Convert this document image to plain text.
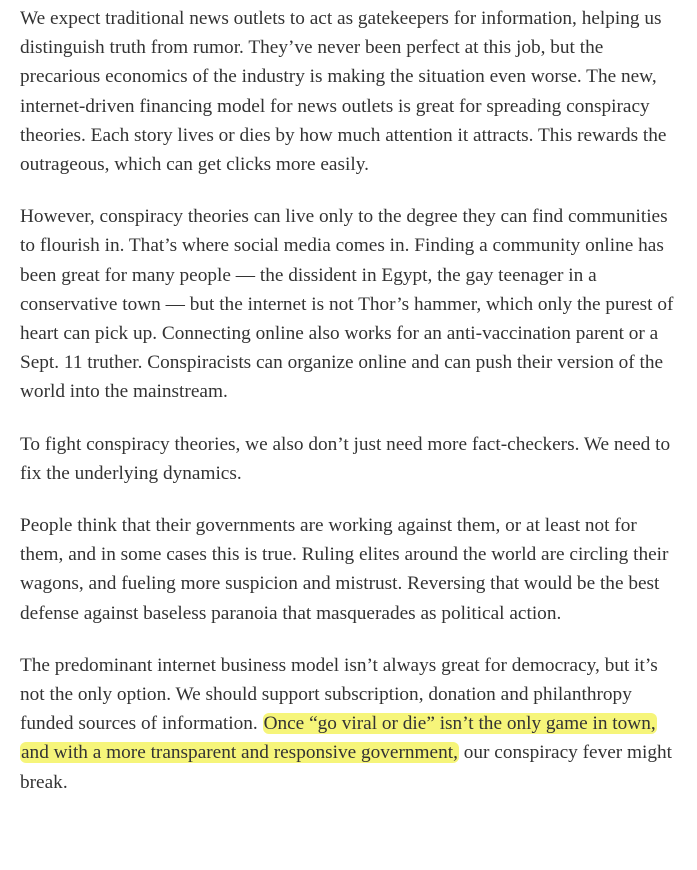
We expect traditional news outlets to act as gatekeepers for information, helping us distinguish truth from rumor. They’ve never been perfect at this job, but the precarious economics of the industry is making the situation even worse. The new, internet-driven financing model for news outlets is great for spreading conspiracy theories. Each story lives or dies by how much attention it attracts. This rewards the outrageous, which can get clicks more easily.

However, conspiracy theories can live only to the degree they can find communities to flourish in. That’s where social media comes in. Finding a community online has been great for many people — the dissident in Egypt, the gay teenager in a conservative town — but the internet is not Thor’s hammer, which only the purest of heart can pick up. Connecting online also works for an anti-vaccination parent or a Sept. 11 truther. Conspiracists can organize online and can push their version of the world into the mainstream.

To fight conspiracy theories, we also don’t just need more fact-checkers. We need to fix the underlying dynamics.

People think that their governments are working against them, or at least not for them, and in some cases this is true. Ruling elites around the world are circling their wagons, and fueling more suspicion and mistrust. Reversing that would be the best defense against baseless paranoia that masquerades as political action.

The predominant internet business model isn’t always great for democracy, but it’s not the only option. We should support subscription, donation and philanthropy funded sources of information. Once “go viral or die” isn’t the only game in town, and with a more transparent and responsive government, our conspiracy fever might break.
